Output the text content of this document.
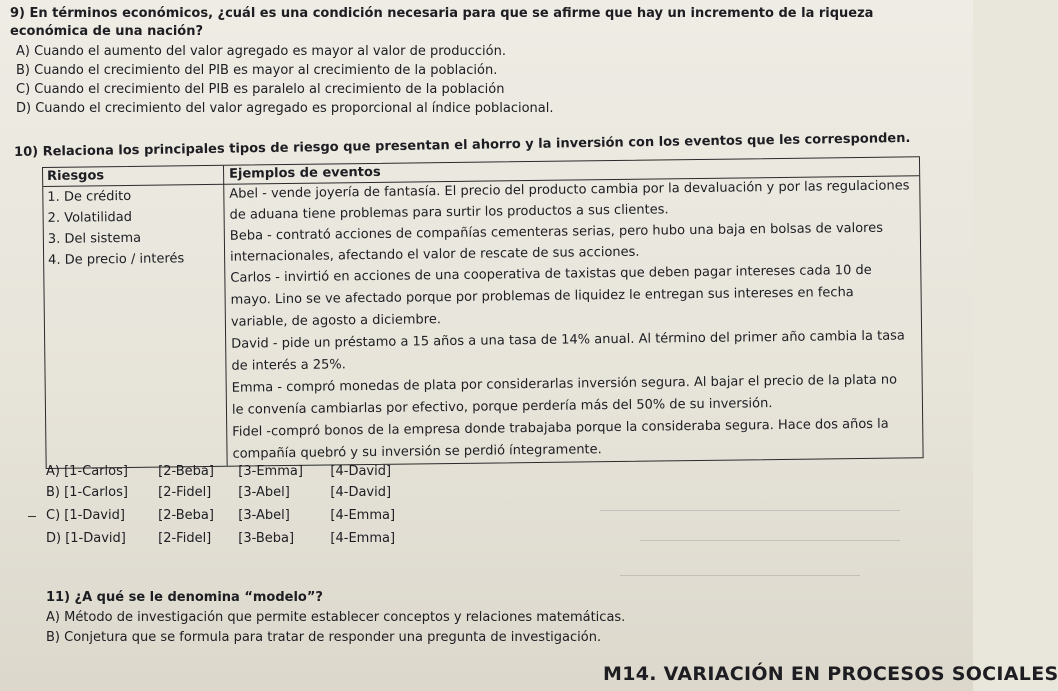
9) En términos económicos, ¿cuál es una condición necesaria para que se afirme que hay un incremento de la riqueza
económica de una nación?
A) Cuando el aumento del valor agregado es mayor al valor de producción.
B) Cuando el crecimiento del PIB es mayor al crecimiento de la población.
C) Cuando el crecimiento del PIB es paralelo al crecimiento de la población
D) Cuando el crecimiento del valor agregado es proporcional al índice poblacional.
10) Relaciona los principales tipos de riesgo que presentan el ahorro y la inversión con los eventos que les corresponden.
Riesgos	Ejemplos de eventos
1. De crédito
2. Volatilidad
3. Del sistema
4. De precio / interés
Abel - vende joyería de fantasía. El precio del producto cambia por la devaluación y por las regulaciones
de aduana tiene problemas para surtir los productos a sus clientes.
Beba - contrató acciones de compañías cementeras serias, pero hubo una baja en bolsas de valores
internacionales, afectando el valor de rescate de sus acciones.
Carlos - invirtió en acciones de una cooperativa de taxistas que deben pagar intereses cada 10 de
mayo. Lino se ve afectado porque por problemas de liquidez le entregan sus intereses en fecha
variable, de agosto a diciembre.
David - pide un préstamo a 15 años a una tasa de 14% anual. Al término del primer año cambia la tasa
de interés a 25%.
Emma - compró monedas de plata por considerarlas inversión segura. Al bajar el precio de la plata no
le convenía cambiarlas por efectivo, porque perdería más del 50% de su inversión.
Fidel -compró bonos de la empresa donde trabajaba porque la consideraba segura. Hace dos años la
compañía quebró y su inversión se perdió íntegramente.
A) [1-Carlos] [2-Beba] [3-Emma] [4-David]
B) [1-Carlos] [2-Fidel] [3-Abel]	[4-David]
C) [1-David]	[2-Beba] [3-Abel]	[4-Emma]
D) [1-David] [2-Fidel] [3-Beba]	[4-Emma]
11) ¿A qué se le denomina “modelo”?
A) Método de investigación que permite establecer conceptos y relaciones matemáticas.
B) Conjetura que se formula para tratar de responder una pregunta de investigación.
M14. VARIACIÓN EN PROCESOS SOCIALES
